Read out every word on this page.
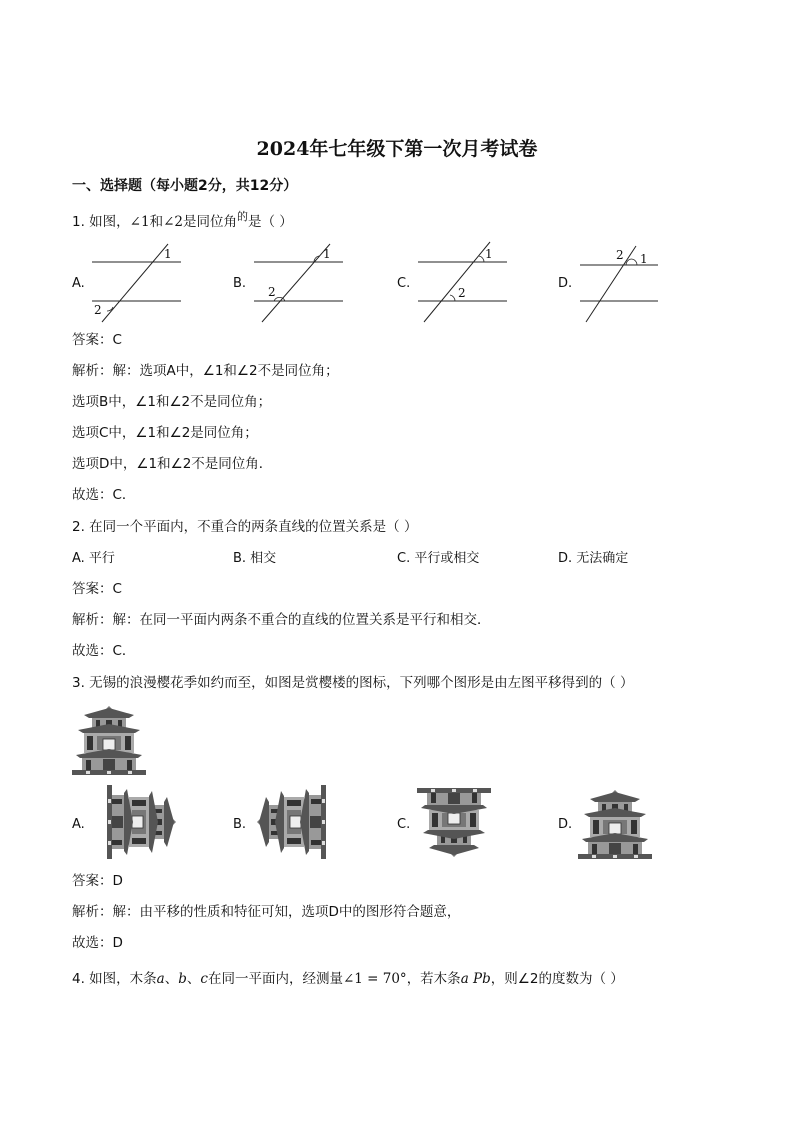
2024年七年级下第一次月考试卷
一、选择题（每小题2分，共12分）
1. 如图，∠1和∠2是同位角$^的$是（ ）
A.	B.	C.	D.
1
2
1
2
1
2
2 1
答案：C
解析：解：选项A中，∠1和∠2不是同位角；
选项B中，∠1和∠2不是同位角；
选项C中，∠1和∠2是同位角；
选项D中，∠1和∠2不是同位角．
故选：C．
2. 在同一个平面内，不重合的两条直线的位置关系是（ ）
A. 平行	B. 相交	C. 平行或相交	D. 无法确定
答案：C
解析：解：在同一平面内两条不重合的直线的位置关系是平行和相交．
故选：C．
3. 无锡的浪漫樱花季如约而至，如图是赏樱楼的图标，下列哪个图形是由左图平移得到的（ ）
A.	B.	C.	D.
答案：D
解析：解：由平移的性质和特征可知，选项D中的图形符合题意，
故选：D
4. 如图，木条a、b、c在同一平面内，经测量∠1 = 70°，若木条a Pb，则∠2的度数为（ ）
